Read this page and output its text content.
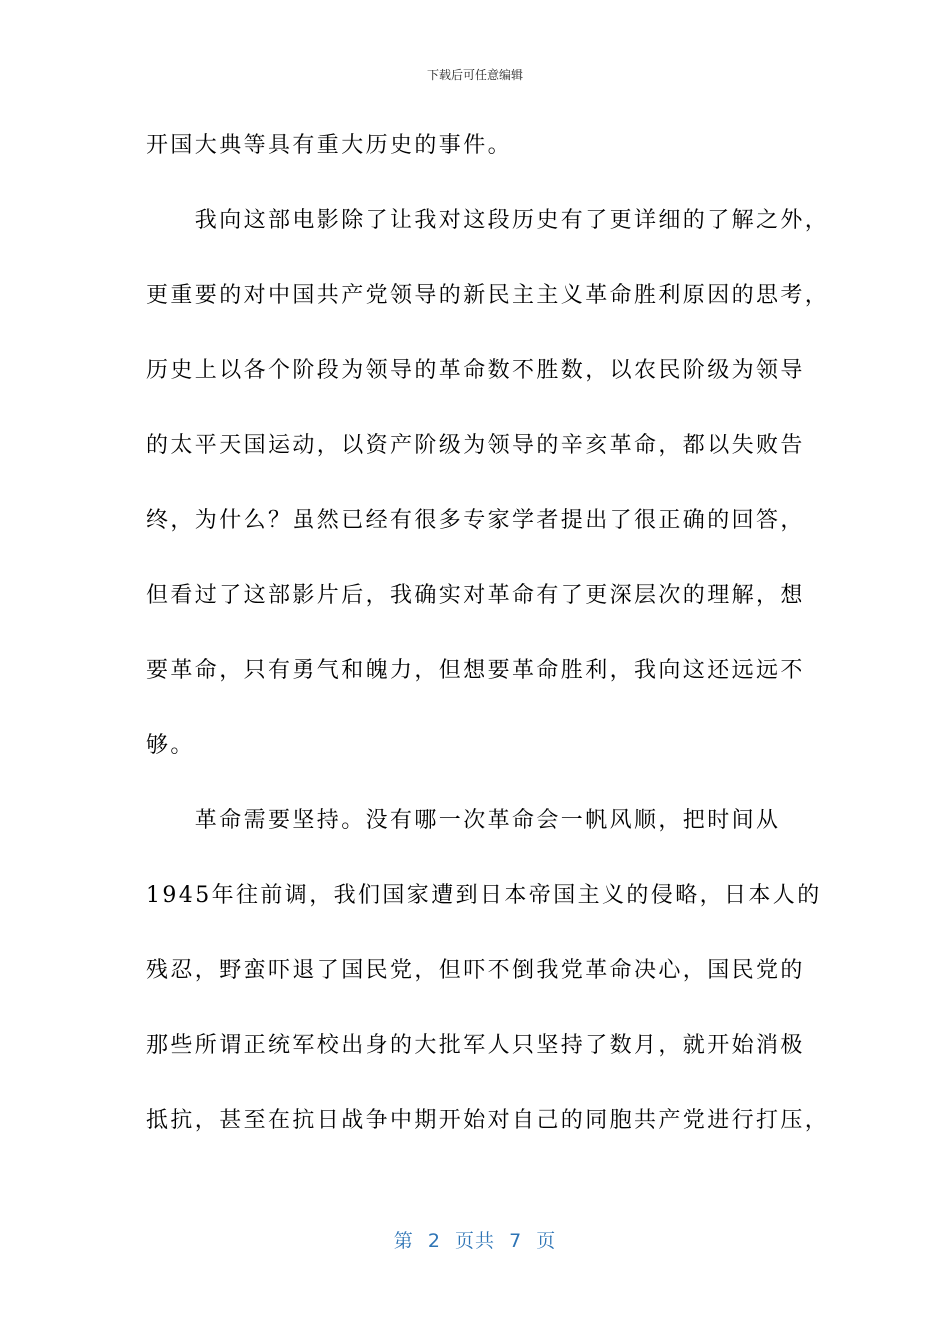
下载后可任意编辑
开国大典等具有重大历史的事件。
　　我向这部电影除了让我对这段历史有了更详细的了解之外，
更重要的对中国共产党领导的新民主主义革命胜利原因的思考，
历史上以各个阶段为领导的革命数不胜数，以农民阶级为领导
的太平天国运动，以资产阶级为领导的辛亥革命，都以失败告
终，为什么？虽然已经有很多专家学者提出了很正确的回答，
但看过了这部影片后，我确实对革命有了更深层次的理解，想
要革命，只有勇气和魄力，但想要革命胜利，我向这还远远不
够。
　　革命需要坚持。没有哪一次革命会一帆风顺，把时间从
1945年往前调，我们国家遭到日本帝国主义的侵略，日本人的
残忍，野蛮吓退了国民党，但吓不倒我党革命决心，国民党的
那些所谓正统军校出身的大批军人只坚持了数月，就开始消极
抵抗，甚至在抗日战争中期开始对自己的同胞共产党进行打压，
第  2  页共  7  页
